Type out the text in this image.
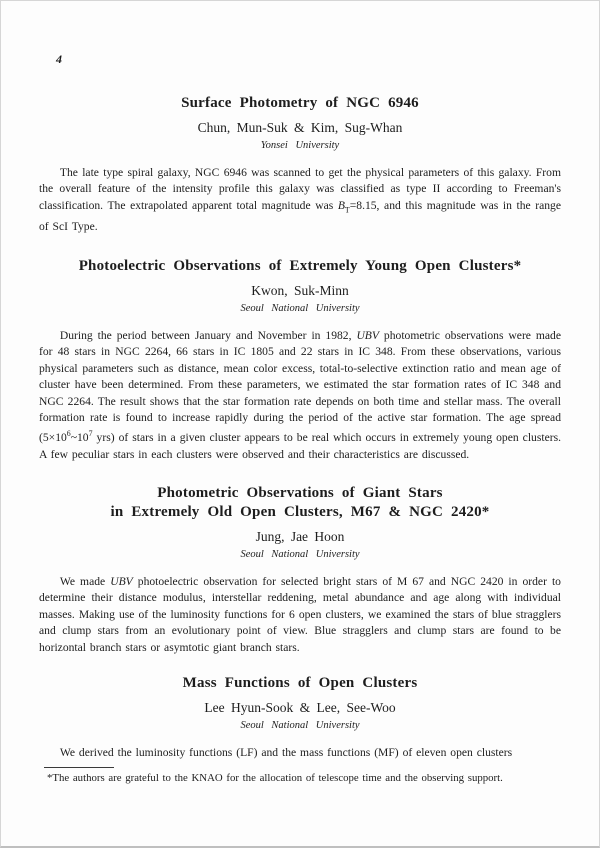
4
Surface Photometry of NGC 6946
Chun, Mun-Suk & Kim, Sug-Whan
Yonsei University

The late type spiral galaxy, NGC 6946 was scanned to get the physical parameters of this galaxy. From the overall feature of the intensity profile this galaxy was classified as type II according to Freeman's classification. The extrapolated apparent total magnitude was $B_T=8.15$, and this magnitude was in the range of ScI Type.

Photoelectric Observations of Extremely Young Open Clusters*
Kwon, Suk-Minn
Seoul National University

During the period between January and November in 1982, UBV photometric observations were made for 48 stars in NGC 2264, 66 stars in IC 1805 and 22 stars in IC 348. From these observations, various physical parameters such as distance, mean color excess, total-to-selective extinction ratio and mean age of cluster have been determined. From these parameters, we estimated the star formation rates of IC 348 and NGC 2264. The result shows that the star formation rate depends on both time and stellar mass. The overall formation rate is found to increase rapidly during the period of the active star formation. The age spread ($5\times 10^6\sim 10^7$ yrs) of stars in a given cluster appears to be real which occurs in extremely young open clusters. A few peculiar stars in each clusters were observed and their characteristics are discussed.

Photometric Observations of Giant Stars
in Extremely Old Open Clusters, M67 & NGC 2420*
Jung, Jae Hoon
Seoul National University

We made UBV photoelectric observation for selected bright stars of M 67 and NGC 2420 in order to determine their distance modulus, interstellar reddening, metal abundance and age along with individual masses. Making use of the luminosity functions for 6 open clusters, we examined the stars of blue stragglers and clump stars from an evolutionary point of view. Blue stragglers and clump stars are found to be horizontal branch stars or asymtotic giant branch stars.

Mass Functions of Open Clusters
Lee Hyun-Sook & Lee, See-Woo
Seoul National University

We derived the luminosity functions (LF) and the mass functions (MF) of eleven open clusters

*The authors are grateful to the KNAO for the allocation of telescope time and the observing support.
